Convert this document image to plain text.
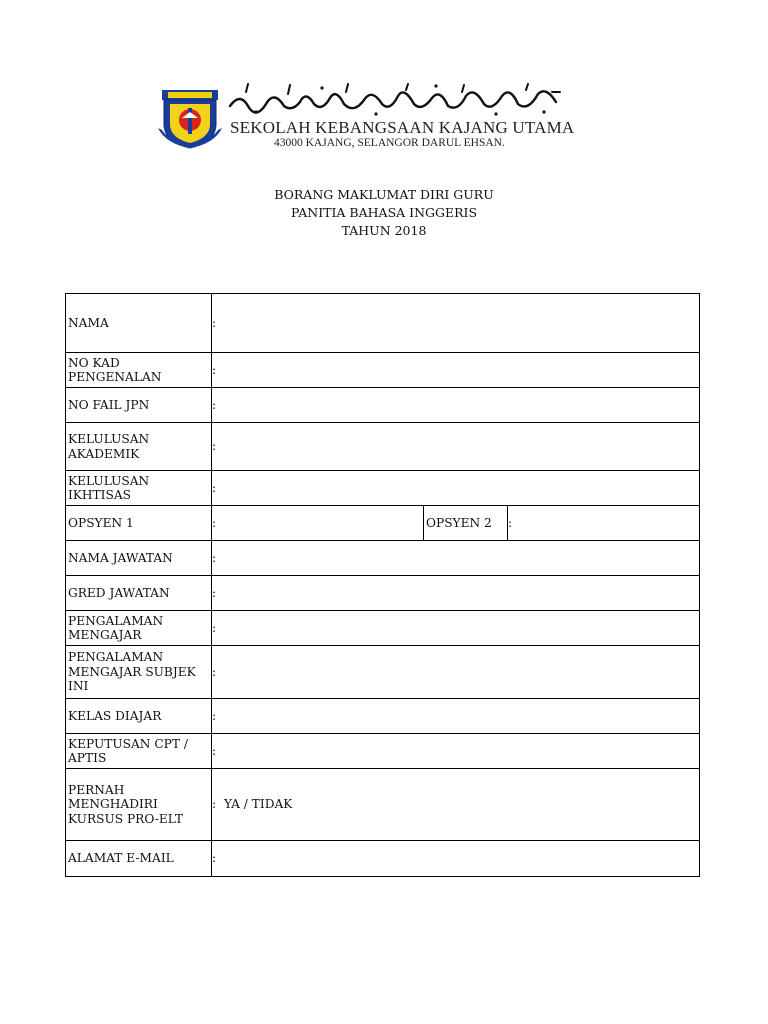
SEKOLAH KEBANGSAAN KAJANG UTAMA
43000 KAJANG, SELANGOR DARUL EHSAN.
BORANG MAKLUMAT DIRI GURU
PANITIA BAHASA INGGERIS
TAHUN 2018
NAMA	:		

NO KAD
PENGENALAN	:		

NO FAIL JPN	:		

KELULUSAN
AKADEMIK	:		

KELULUSAN
IKHTISAS	:		

OPSYEN 1	:	OPSYEN 2	:

NAMA JAWATAN	:		

GRED JAWATAN	:		

PENGALAMAN
MENGAJAR	:		

PENGALAMAN
MENGAJAR SUBJEK
INI	:		

KELAS DIAJAR	:		

KEPUTUSAN CPT /
APTIS	:		

PERNAH
MENGHADIRI
KURSUS PRO-ELT	: YA / TIDAK		

ALAMAT E-MAIL	:		
